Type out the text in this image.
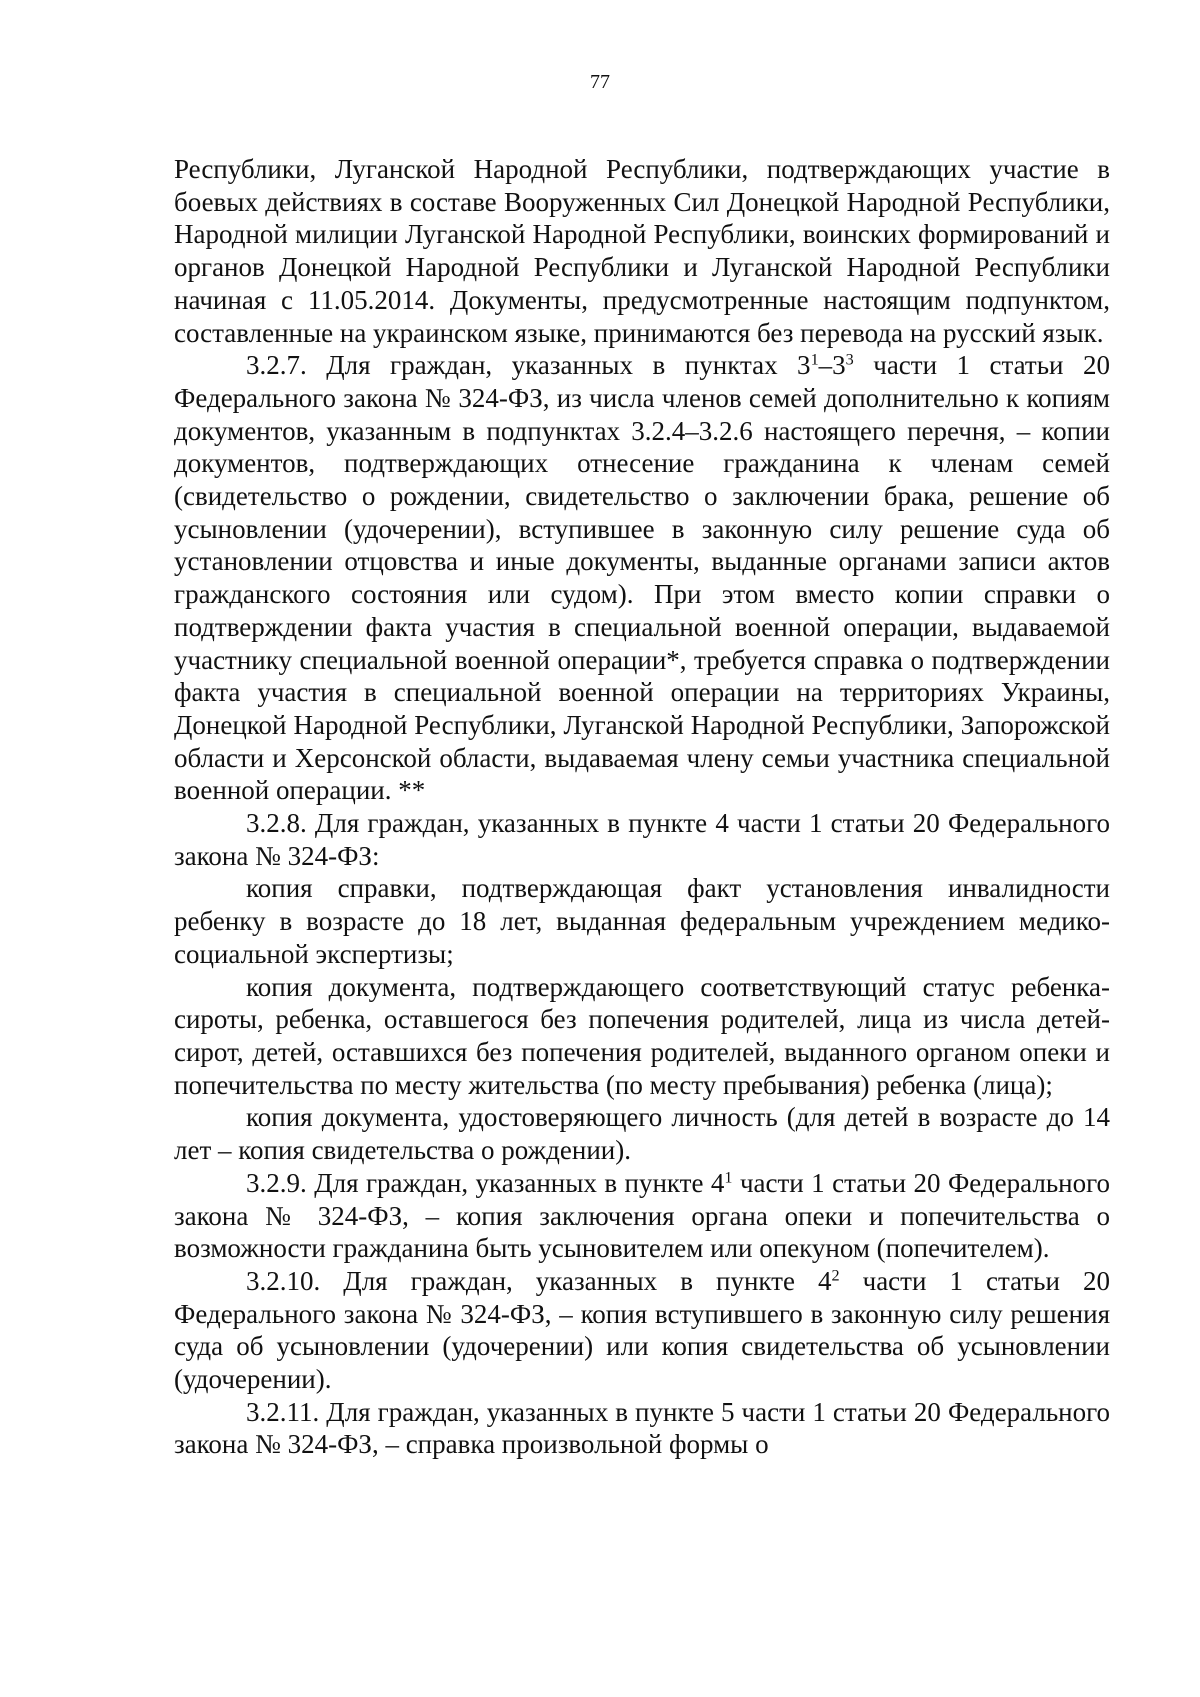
77

Республики, Луганской Народной Республики, подтверждающих участие в боевых действиях в составе Вооруженных Сил Донецкой Народной Республики, Народной милиции Луганской Народной Республики, воинских формирований и органов Донецкой Народной Республики и Луганской Народной Республики начиная с 11.05.2014. Документы, предусмотренные настоящим подпунктом, составленные на украинском языке, принимаются без перевода на русский язык.

3.2.7. Для граждан, указанных в пунктах $3^1-3^3$ части 1 статьи 20 Федерального закона № 324-ФЗ, из числа членов семей дополнительно к копиям документов, указанным в подпунктах 3.2.4–3.2.6 настоящего перечня, – копии документов, подтверждающих отнесение гражданина к членам семей (свидетельство о рождении, свидетельство о заключении брака, решение об усыновлении (удочерении), вступившее в законную силу решение суда об установлении отцовства и иные документы, выданные органами записи актов гражданского состояния или судом). При этом вместо копии справки о подтверждении факта участия в специальной военной операции, выдаваемой участнику специальной военной операции*, требуется справка о подтверждении факта участия в специальной военной операции на территориях Украины, Донецкой Народной Республики, Луганской Народной Республики, Запорожской области и Херсонской области, выдаваемая члену семьи участника специальной военной операции. **

3.2.8. Для граждан, указанных в пункте 4 части 1 статьи 20 Федерального закона № 324-ФЗ:

копия справки, подтверждающая факт установления инвалидности ребенку в возрасте до 18 лет, выданная федеральным учреждением медико-социальной экспертизы;

копия документа, подтверждающего соответствующий статус ребенка-сироты, ребенка, оставшегося без попечения родителей, лица из числа детей-сирот, детей, оставшихся без попечения родителей, выданного органом опеки и попечительства по месту жительства (по месту пребывания) ребенка (лица);

копия документа, удостоверяющего личность (для детей в возрасте до 14 лет – копия свидетельства о рождении).

3.2.9. Для граждан, указанных в пункте $4^1$ части 1 статьи 20 Федерального закона № 324-ФЗ, – копия заключения органа опеки и попечительства о возможности гражданина быть усыновителем или опекуном (попечителем).

3.2.10. Для граждан, указанных в пункте $4^2$ части 1 статьи 20 Федерального закона № 324-ФЗ, – копия вступившего в законную силу решения суда об усыновлении (удочерении) или копия свидетельства об усыновлении (удочерении).

3.2.11. Для граждан, указанных в пункте 5 части 1 статьи 20 Федерального закона № 324-ФЗ, – справка произвольной формы о
